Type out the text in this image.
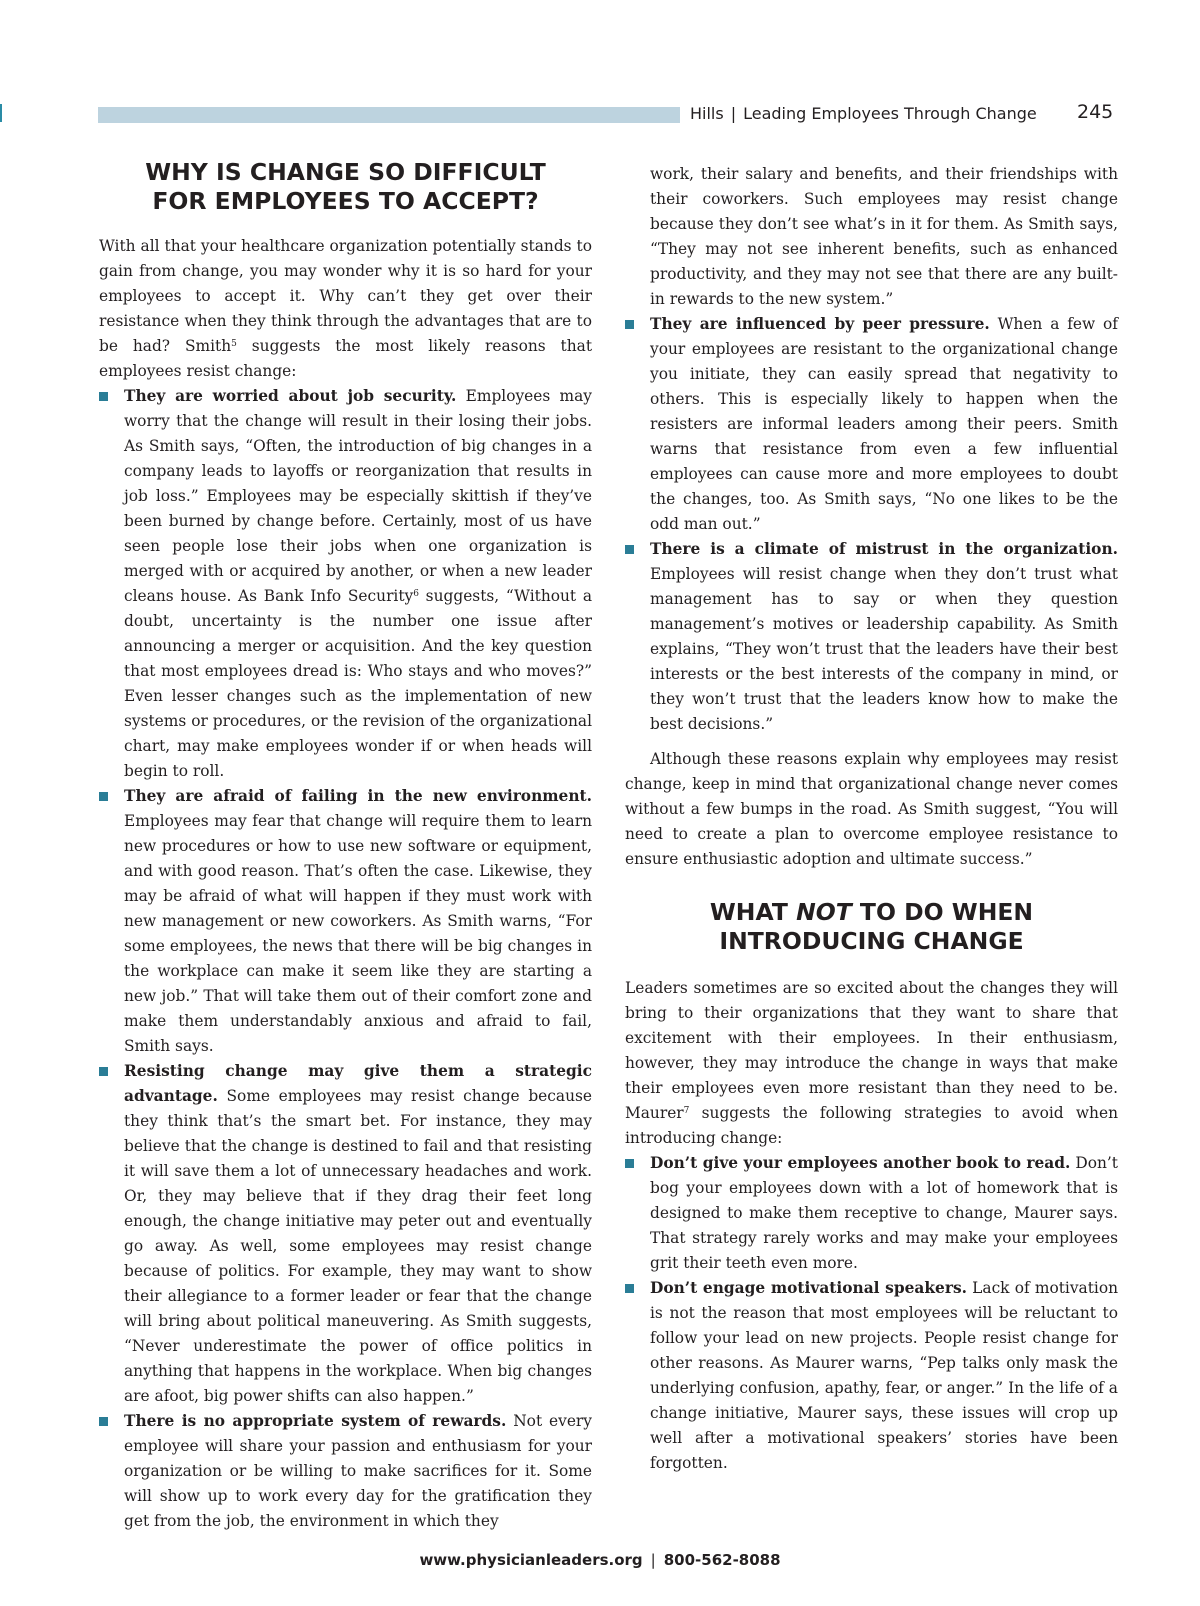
Hills | Leading Employees Through Change 245
WHY IS CHANGE SO DIFFICULT
FOR EMPLOYEES TO ACCEPT?

With all that your healthcare organization potentially stands to gain from change, you may wonder why it is so hard for your employees to accept it. Why can’t they get over their resistance when they think through the advantages that are to be had? Smith$^5$ suggests the most likely reasons that employees resist change:

They are worried about job security. Employees may worry that the change will result in their losing their jobs. As Smith says, “Often, the introduction of big changes in a company leads to layoffs or reorganization that results in job loss.” Employees may be especially skittish if they’ve been burned by change before. Certainly, most of us have seen people lose their jobs when one organization is merged with or acquired by another, or when a new leader cleans house. As Bank Info Security$^6$ suggests, “Without a doubt, uncertainty is the number one issue after announcing a merger or acquisition. And the key question that most employees dread is: Who stays and who moves?” Even lesser changes such as the implementation of new systems or procedures, or the revision of the organizational chart, may make employees wonder if or when heads will begin to roll.
They are afraid of failing in the new environment. Employees may fear that change will require them to learn new procedures or how to use new software or equipment, and with good reason. That’s often the case. Likewise, they may be afraid of what will happen if they must work with new management or new coworkers. As Smith warns, “For some employees, the news that there will be big changes in the workplace can make it seem like they are starting a new job.” That will take them out of their comfort zone and make them understandably anxious and afraid to fail, Smith says.
Resisting change may give them a strategic advantage. Some employees may resist change because they think that’s the smart bet. For instance, they may believe that the change is destined to fail and that resisting it will save them a lot of unnecessary headaches and work. Or, they may believe that if they drag their feet long enough, the change initiative may peter out and eventually go away. As well, some employees may resist change because of politics. For example, they may want to show their allegiance to a former leader or fear that the change will bring about political maneuvering. As Smith suggests, “Never underestimate the power of office politics in anything that happens in the workplace. When big changes are afoot, big power shifts can also happen.”
There is no appropriate system of rewards. Not every employee will share your passion and enthusiasm for your organization or be willing to make sacrifices for it. Some will show up to work every day for the gratification they get from the job, the environment in which they
work, their salary and benefits, and their friendships with their coworkers. Such employees may resist change because they don’t see what’s in it for them. As Smith says, “They may not see inherent benefits, such as enhanced productivity, and they may not see that there are any built-in rewards to the new system.”
They are influenced by peer pressure. When a few of your employees are resistant to the organizational change you initiate, they can easily spread that negativity to others. This is especially likely to happen when the resisters are informal leaders among their peers. Smith warns that resistance from even a few influential employees can cause more and more employees to doubt the changes, too. As Smith says, “No one likes to be the odd man out.”
There is a climate of mistrust in the organization. Employees will resist change when they don’t trust what management has to say or when they question management’s motives or leadership capability. As Smith explains, “They won’t trust that the leaders have their best interests or the best interests of the company in mind, or they won’t trust that the leaders know how to make the best decisions.”

Although these reasons explain why employees may resist change, keep in mind that organizational change never comes without a few bumps in the road. As Smith suggest, “You will need to create a plan to overcome employee resistance to ensure enthusiastic adoption and ultimate success.”

WHAT NOT TO DO WHEN
INTRODUCING CHANGE

Leaders sometimes are so excited about the changes they will bring to their organizations that they want to share that excitement with their employees. In their enthusiasm, however, they may introduce the change in ways that make their employees even more resistant than they need to be. Maurer$^7$ suggests the following strategies to avoid when introducing change:

Don’t give your employees another book to read. Don’t bog your employees down with a lot of homework that is designed to make them receptive to change, Maurer says. That strategy rarely works and may make your employees grit their teeth even more.
Don’t engage motivational speakers. Lack of motivation is not the reason that most employees will be reluctant to follow your lead on new projects. People resist change for other reasons. As Maurer warns, “Pep talks only mask the underlying confusion, apathy, fear, or anger.” In the life of a change initiative, Maurer says, these issues will crop up well after a motivational speakers’ stories have been forgotten.
www.physicianleaders.org | 800-562-8088
